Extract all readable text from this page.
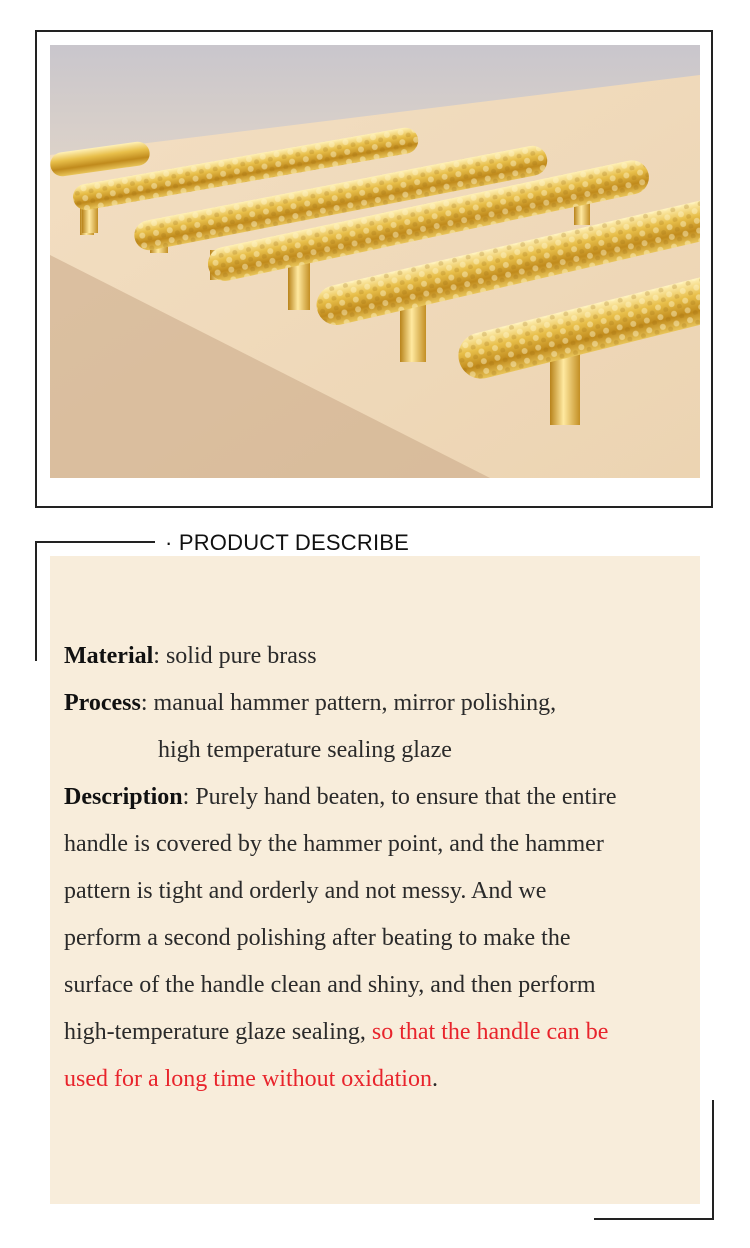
· PRODUCT DESCRIBE

Material: solid pure brass

Process: manual hammer pattern, mirror polishing,

high temperature sealing glaze

Description: Purely hand beaten, to ensure that the entire

handle is covered by the hammer point, and the hammer

pattern is tight and orderly and not messy. And we

perform a second polishing after beating to make the

surface of the handle clean and shiny, and then perform

high-temperature glaze sealing, so that the handle can be

used for a long time without oxidation.
